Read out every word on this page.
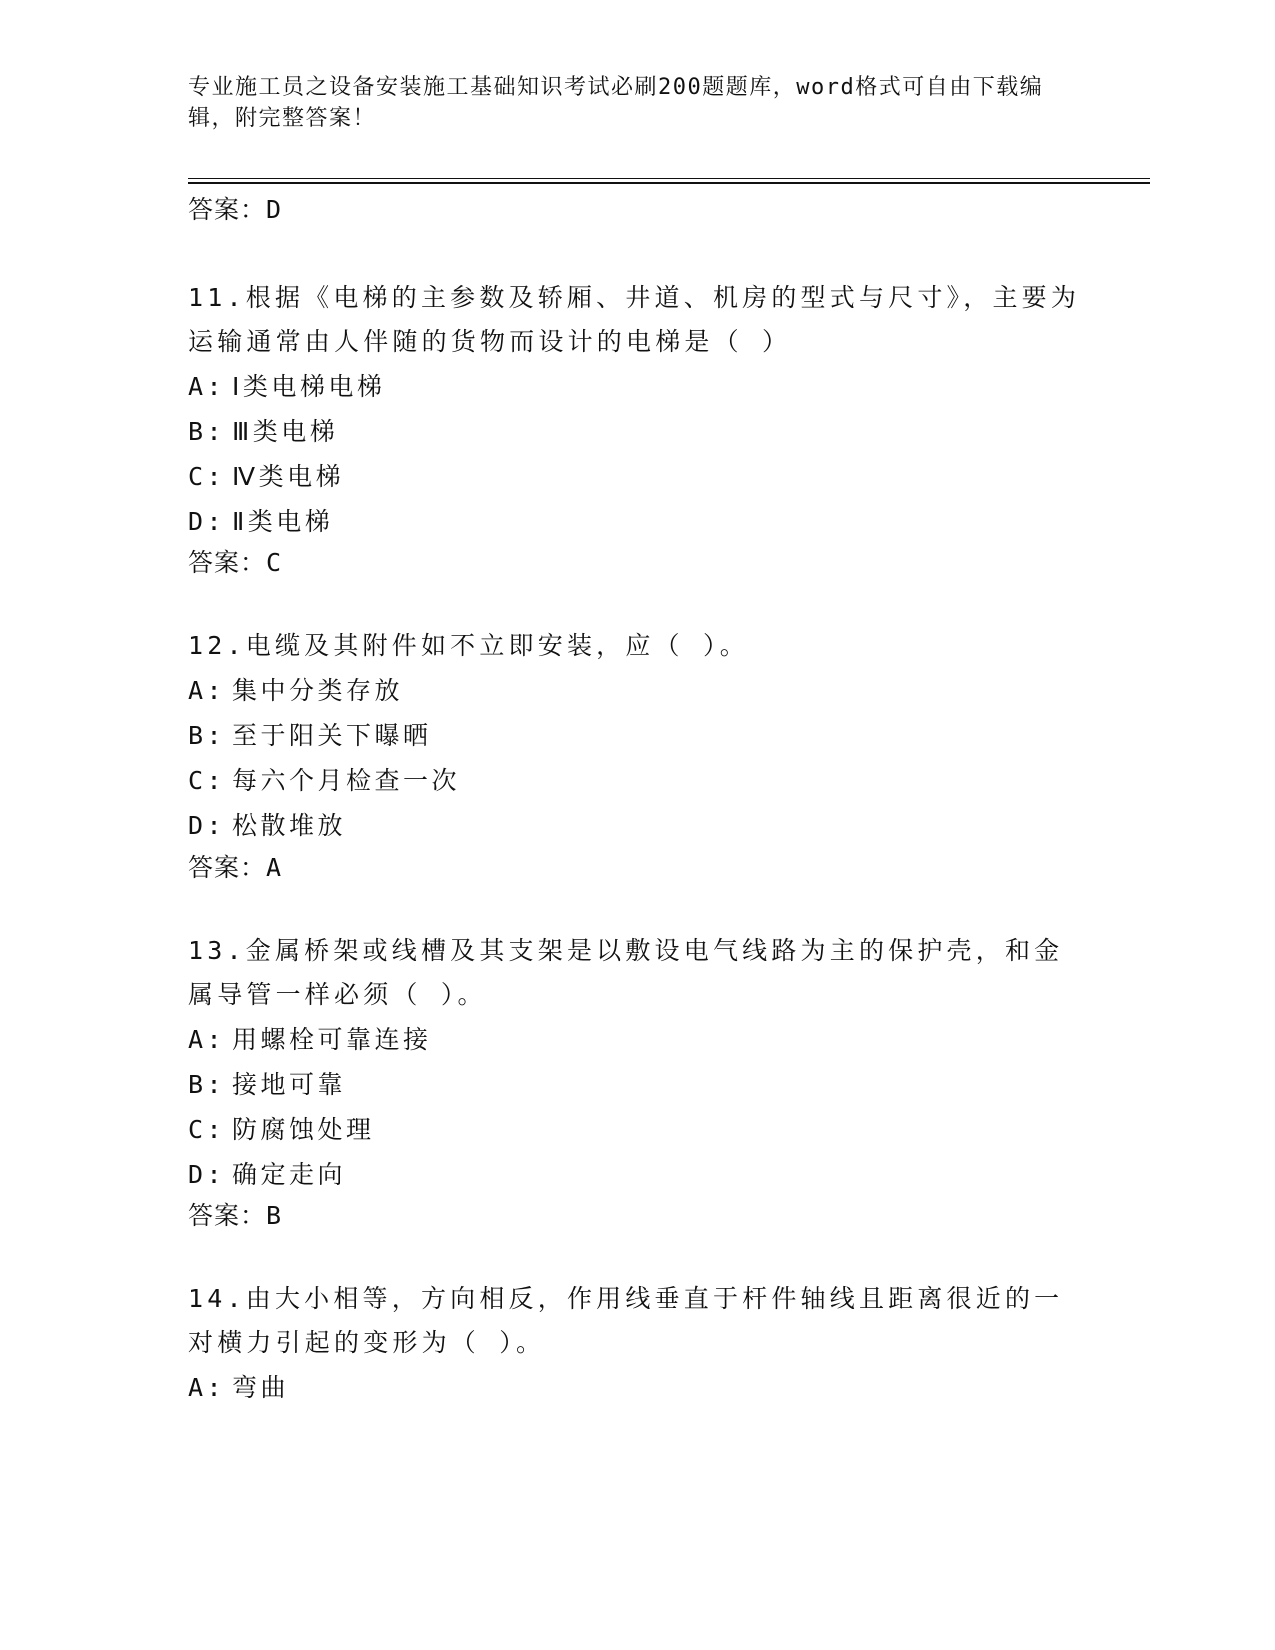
专业施工员之设备安装施工基础知识考试必刷200题题库，word格式可自由下载编辑，附完整答案！
答案：D

11.根据《电梯的主参数及轿厢、井道、机房的型式与尺寸》，主要为运输通常由人伴随的货物而设计的电梯是（ ）

A: Ⅰ类电梯电梯

B: Ⅲ类电梯

C: Ⅳ类电梯

D: Ⅱ类电梯

答案：C

12.电缆及其附件如不立即安装，应（ ）。

A: 集中分类存放

B: 至于阳关下曝晒

C: 每六个月检查一次

D: 松散堆放

答案：A

13.金属桥架或线槽及其支架是以敷设电气线路为主的保护壳，和金属导管一样必须（ ）。

A: 用螺栓可靠连接

B: 接地可靠

C: 防腐蚀处理

D: 确定走向

答案：B

14.由大小相等，方向相反，作用线垂直于杆件轴线且距离很近的一对横力引起的变形为（ ）。

A: 弯曲
